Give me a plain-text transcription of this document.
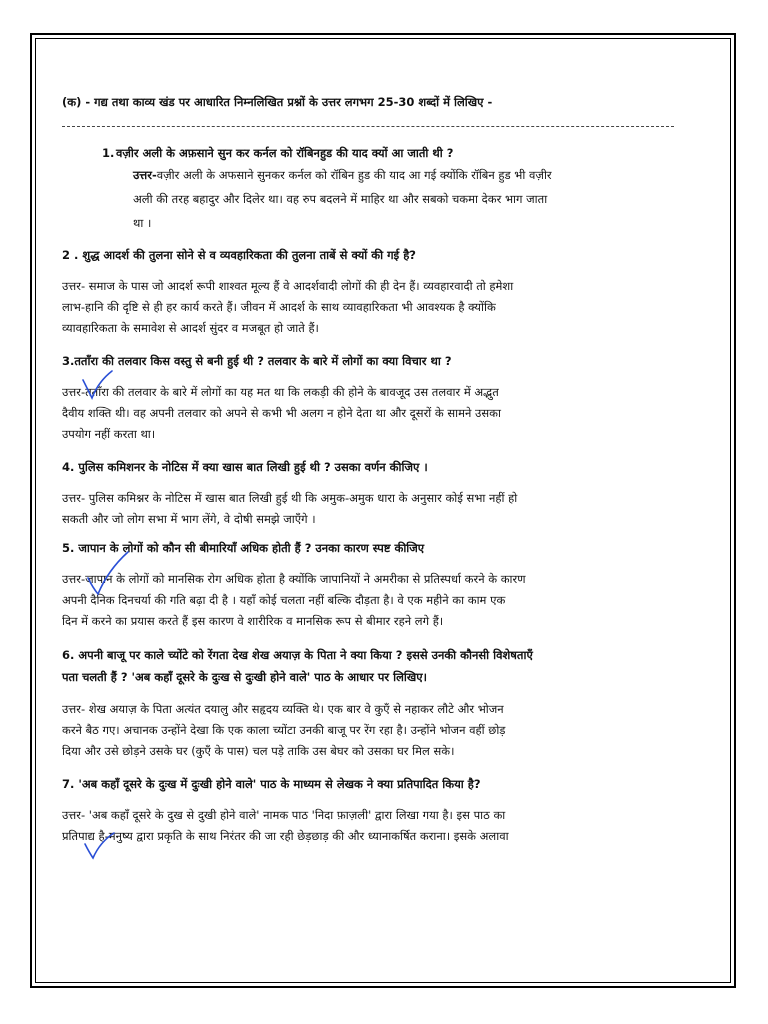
(क) - गद्य तथा काव्य खंड पर आधारित निम्नलिखित प्रश्नों के उत्तर लगभग 25-30 शब्दों में लिखिए -
1. वज़ीर अली के अफ़साने सुन कर कर्नल को रॉबिनहुड की याद क्यों आ जाती थी ?
उत्तर-वज़ीर अली के अफसाने सुनकर कर्नल को रॉबिन हुड की याद आ गई क्योंकि रॉबिन हुड भी वज़ीर
अली की तरह बहादुर और दिलेर था। वह रुप बदलने में माहिर था और सबको चकमा देकर भाग जाता
था ।
2 . शुद्ध आदर्श की तुलना सोने से व व्यवहारिकता की तुलना ताबें से क्यों की गई है?
उत्तर- समाज के पास जो आदर्श रूपी शाश्वत मूल्य हैं वे आदर्शवादी लोगों की ही देन हैं। व्यवहारवादी तो हमेशा
लाभ-हानि की दृष्टि से ही हर कार्य करते हैं। जीवन में आदर्श के साथ व्यावहारिकता भी आवश्यक है क्योंकि
व्यावहारिकता के समावेश से आदर्श सुंदर व मजबूत हो जाते हैं।
3.तताँरा की तलवार किस वस्तु से बनी हुई थी ? तलवार के बारे में लोगों का क्या विचार था ?
उत्तर-तताँरा की तलवार के बारे में लोगों का यह मत था कि लकड़ी की होने के बावजूद उस तलवार में अद्भुत
दैवीय शक्ति थी। वह अपनी तलवार को अपने से कभी भी अलग न होने देता था और दूसरों के सामने उसका
उपयोग नहीं करता था।
4. पुलिस कमिशनर के नोटिस में क्या खास बात लिखी हुई थी ? उसका वर्णन कीजिए ।
उत्तर- पुलिस कमिश्नर के नोटिस में खास बात लिखी हुई थी कि अमुक-अमुक धारा के अनुसार कोई सभा नहीं हो
सकती और जो लोग सभा में भाग लेंगे, वे दोषी समझे जाएँगे ।
5. जापान के लोगों को कौन सी बीमारियाँ अधिक होती हैं ? उनका कारण स्पष्ट कीजिए
उत्तर-जापान के लोगों को मानसिक रोग अधिक होता है क्योंकि जापानियों ने अमरीका से प्रतिस्पर्धा करने के कारण
अपनी दैनिक दिनचर्या की गति बढ़ा दी है । यहाँ कोई चलता नहीं बल्कि दौड़ता है। वे एक महीने का काम एक
दिन में करने का प्रयास करते हैं इस कारण वे शारीरिक व मानसिक रूप से बीमार रहने लगे हैं।
6. अपनी बाजू पर काले च्योंटे को रेंगता देख शेख अयाज़ के पिता ने क्या किया ? इससे उनकी कौनसी विशेषताएँ
पता चलती हैं ? 'अब कहाँ दूसरे के दुःख से दुःखी होने वाले' पाठ के आधार पर लिखिए।
उत्तर- शेख अयाज़ के पिता अत्यंत दयालु और सहृदय व्यक्ति थे। एक बार वे कुएँ से नहाकर लौटे और भोजन
करने बैठ गए। अचानक उन्होंने देखा कि एक काला च्योंटा उनकी बाजू पर रेंग रहा है। उन्होंने भोजन वहीं छोड़
दिया और उसे छोड़ने उसके घर (कुएँ के पास) चल पड़े ताकि उस बेघर को उसका घर मिल सके।
7. 'अब कहाँ दूसरे के दुःख में दुःखी होने वाले' पाठ के माध्यम से लेखक ने क्या प्रतिपादित किया है?
उत्तर- 'अब कहाँ दूसरे के दुख से दुखी होने वाले' नामक पाठ 'निदा फ़ाज़ली' द्वारा लिखा गया है। इस पाठ का
प्रतिपाद्य है-मनुष्य द्वारा प्रकृति के साथ निरंतर की जा रही छेड़छाड़ की और ध्यानाकर्षित कराना। इसके अलावा
